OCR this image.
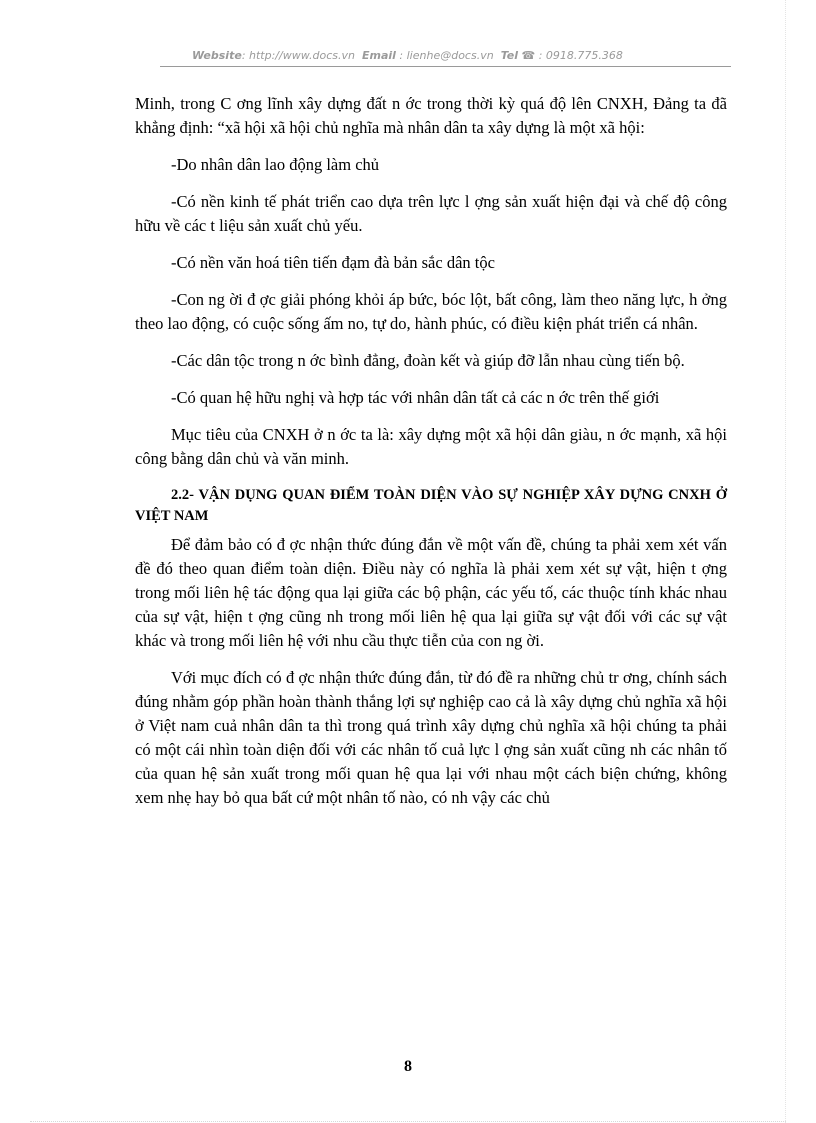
Website: http://www.docs.vn Email : lienhe@docs.vn Tel ☎ : 0918.775.368

Minh, trong C ơng lĩnh xây dựng đất n ớc trong thời kỳ quá độ lên CNXH, Đảng ta đã khẳng định: “xã hội xã hội chủ nghĩa mà nhân dân ta xây dựng là một xã hội:

-Do nhân dân lao động làm chủ

-Có nền kinh tế phát triển cao dựa trên lực l ợng sản xuất hiện đại và chế độ công hữu về các t liệu sản xuất chủ yếu.

-Có nền văn hoá tiên tiến đạm đà bản sắc dân tộc

-Con ng ời đ ợc giải phóng khỏi áp bức, bóc lột, bất công, làm theo năng lực, h ởng theo lao động, có cuộc sống ấm no, tự do, hành phúc, có điều kiện phát triển cá nhân.

-Các dân tộc trong n ớc bình đẳng, đoàn kết và giúp đỡ lẫn nhau cùng tiến bộ.

-Có quan hệ hữu nghị và hợp tác với nhân dân tất cả các n ớc trên thế giới

Mục tiêu của CNXH ở n ớc ta là: xây dựng một xã hội dân giàu, n ớc mạnh, xã hội công bằng dân chủ và văn minh.

2.2- VẬN DỤNG QUAN ĐIỂM TOÀN DIỆN VÀO SỰ NGHIỆP XÂY DỰNG CNXH Ở VIỆT NAM

Để đảm bảo có đ ợc nhận thức đúng đắn về một vấn đề, chúng ta phải xem xét vấn đề đó theo quan điểm toàn diện. Điều này có nghĩa là phải xem xét sự vật, hiện t ợng trong mối liên hệ tác động qua lại giữa các bộ phận, các yếu tố, các thuộc tính khác nhau của sự vật, hiện t ợng cũng nh trong mối liên hệ qua lại giữa sự vật đối với các sự vật khác và trong mối liên hệ với nhu cầu thực tiễn của con ng ời.

Với mục đích có đ ợc nhận thức đúng đắn, từ đó đề ra những chủ tr ơng, chính sách đúng nhằm góp phần hoàn thành thắng lợi sự nghiệp cao cả là xây dựng chủ nghĩa xã hội ở Việt nam cuả nhân dân ta thì trong quá trình xây dựng chủ nghĩa xã hội chúng ta phải có một cái nhìn toàn diện đối với các nhân tố cuả lực l ợng sản xuất cũng nh các nhân tố của quan hệ sản xuất trong mối quan hệ qua lại với nhau một cách biện chứng, không xem nhẹ hay bỏ qua bất cứ một nhân tố nào, có nh vậy các chủ

8
